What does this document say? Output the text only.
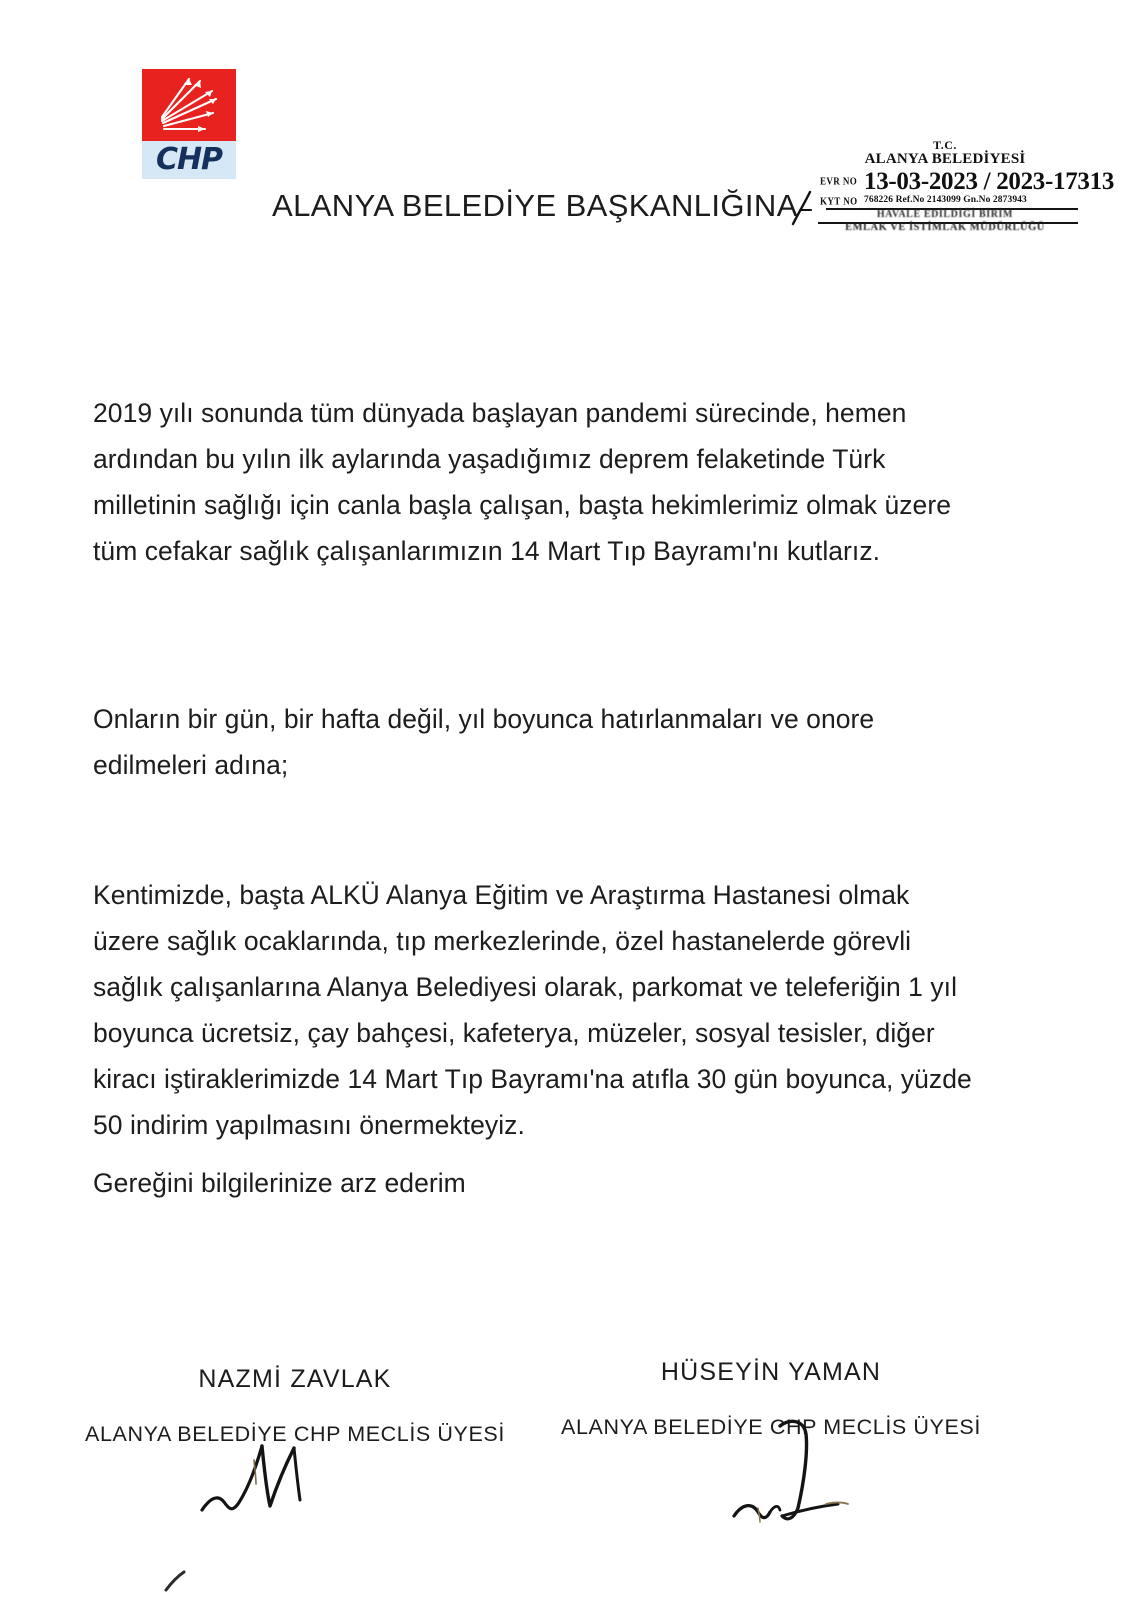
CHP
ALANYA BELEDİYE BAŞKANLIĞINA
T.C.
ALANYA BELEDİYESİ
EVR NO 13-03-2023 / 2023-17313
KYT NO 768226 Ref.No 2143099 Gn.No 2873943
HAVALE EDİLDİĞİ BİRİM
EMLAK VE İSTİMLAK MÜDÜRLÜĞÜ
2019 yılı sonunda tüm dünyada başlayan pandemi sürecinde, hemen ardından bu yılın ilk aylarında yaşadığımız deprem felaketinde Türk milletinin sağlığı için canla başla çalışan, başta hekimlerimiz olmak üzere tüm cefakar sağlık çalışanlarımızın 14 Mart Tıp Bayramı'nı kutlarız.
Onların bir gün, bir hafta değil, yıl boyunca hatırlanmaları ve onore edilmeleri adına;
Kentimizde, başta ALKÜ Alanya Eğitim ve Araştırma Hastanesi olmak üzere sağlık ocaklarında, tıp merkezlerinde, özel hastanelerde görevli sağlık çalışanlarına Alanya Belediyesi olarak, parkomat ve teleferiğin 1 yıl boyunca ücretsiz, çay bahçesi, kafeterya, müzeler, sosyal tesisler, diğer kiracı iştiraklerimizde 14 Mart Tıp Bayramı'na atıfla 30 gün boyunca, yüzde 50 indirim yapılmasını önermekteyiz.
Gereğini bilgilerinize arz ederim
NAZMİ ZAVLAK
ALANYA BELEDİYE CHP MECLİS ÜYESİ
HÜSEYİN YAMAN
ALANYA BELEDİYE CHP MECLİS ÜYESİ
